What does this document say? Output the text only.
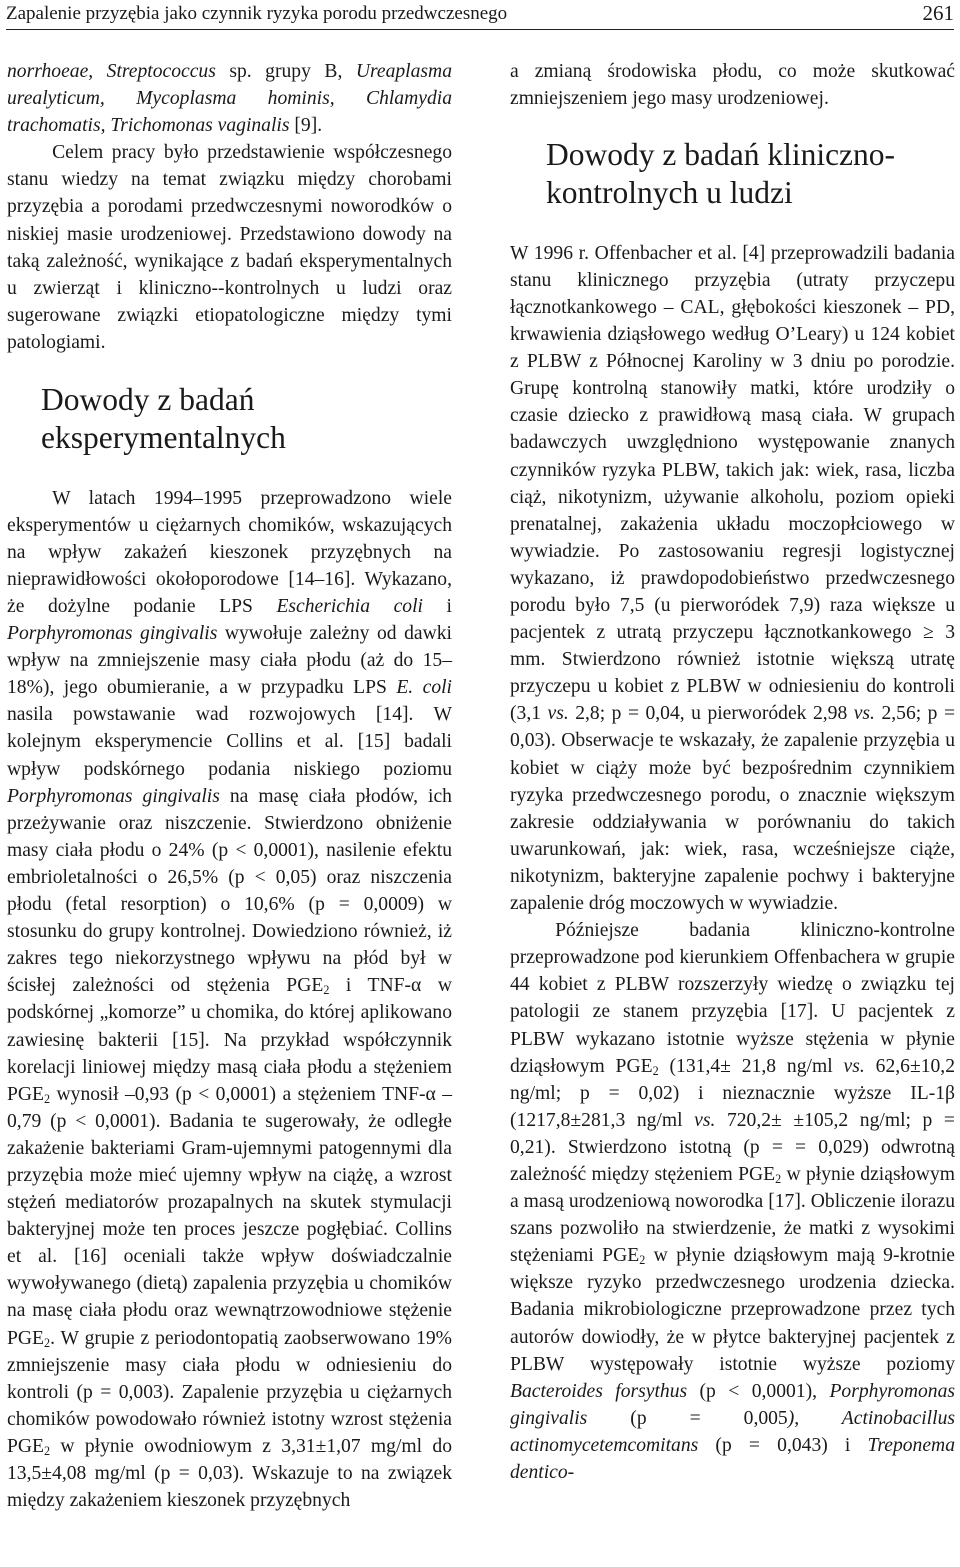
Zapalenie przyzębia jako czynnik ryzyka porodu przedwczesnego	261

norrhoeae, Streptococcus sp. grupy B, Ureaplasma urealyticum, Mycoplasma hominis, Chlamydia trachomatis, Trichomonas vaginalis [9].

Celem pracy było przedstawienie współczesnego stanu wiedzy na temat związku między chorobami przyzębia a porodami przedwczesnymi noworodków o niskiej masie urodzeniowej. Przedstawiono dowody na taką zależność, wynikające z badań eksperymentalnych u zwierząt i kliniczno-‑kontrolnych u ludzi oraz sugerowane związki etiopatologiczne między tymi patologiami.

Dowody z badań eksperymentalnych

W latach 1994–1995 przeprowadzono wiele eksperymentów u ciężarnych chomików, wskazujących na wpływ zakażeń kieszonek przyzębnych na nieprawidłowości okołoporodowe [14–16]. Wykazano, że dożylne podanie LPS Escherichia coli i Porphyromonas gingivalis wywołuje zależny od dawki wpływ na zmniejszenie masy ciała płodu (aż do 15–18%), jego obumieranie, a w przypadku LPS E. coli nasila powstawanie wad rozwojowych [14]. W kolejnym eksperymencie Collins et al. [15] badali wpływ podskórnego podania niskiego poziomu Porphyromonas gingivalis na masę ciała płodów, ich przeżywanie oraz niszczenie. Stwierdzono obniżenie masy ciała płodu o 24% (p < 0,0001), nasilenie efektu embrioletalności o 26,5% (p < 0,05) oraz niszczenia płodu (fetal resorption) o 10,6% (p = 0,0009) w stosunku do grupy kontrolnej. Dowiedziono również, iż zakres tego niekorzystnego wpływu na płód był w ścisłej zależności od stężenia $PGE_2$ i TNF-α w podskórnej „komorze” u chomika, do której aplikowano zawiesinę bakterii [15]. Na przykład współczynnik korelacji liniowej między masą ciała płodu a stężeniem $PGE_2$ wynosił –0,93 (p < 0,0001) a stężeniem TNF-α –0,79 (p < 0,0001). Badania te sugerowały, że odległe zakażenie bakteriami Gram-ujemnymi patogennymi dla przyzębia może mieć ujemny wpływ na ciążę, a wzrost stężeń mediatorów prozapalnych na skutek stymulacji bakteryjnej może ten proces jeszcze pogłębiać. Collins et al. [16] oceniali także wpływ doświadczalnie wywoływanego (dietą) zapalenia przyzębia u chomików na masę ciała płodu oraz wewnątrzowodniowe stężenie $PGE_2$. W grupie z periodontopatią zaobserwowano 19% zmniejszenie masy ciała płodu w odniesieniu do kontroli (p = 0,003). Zapalenie przyzębia u ciężarnych chomików powodowało również istotny wzrost stężenia $PGE_2$ w płynie owodniowym z 3,31±1,07 mg/ml do 13,5±4,08 mg/ml (p = 0,03). Wskazuje to na związek między zakażeniem kieszonek przyzębnych

a zmianą środowiska płodu, co może skutkować zmniejszeniem jego masy urodzeniowej.

Dowody z badań kliniczno-kontrolnych u ludzi

W 1996 r. Offenbacher et al. [4] przeprowadzili badania stanu klinicznego przyzębia (utraty przyczepu łącznotkankowego – CAL, głębokości kieszonek – PD, krwawienia dziąsłowego według O’Leary) u 124 kobiet z PLBW z Północnej Karoliny w 3 dniu po porodzie. Grupę kontrolną stanowiły matki, które urodziły o czasie dziecko z prawidłową masą ciała. W grupach badawczych uwzględniono występowanie znanych czynników ryzyka PLBW, takich jak: wiek, rasa, liczba ciąż, nikotynizm, używanie alkoholu, poziom opieki prenatalnej, zakażenia układu moczopłciowego w wywiadzie. Po zastosowaniu regresji logistycznej wykazano, iż prawdopodobieństwo przedwczesnego porodu było 7,5 (u pierworódek 7,9) raza większe u pacjentek z utratą przyczepu łącznotkankowego ≥ 3 mm. Stwierdzono również istotnie większą utratę przyczepu u kobiet z PLBW w odniesieniu do kontroli (3,1 vs. 2,8; p = 0,04, u pierworódek 2,98 vs. 2,56; p = 0,03). Obserwacje te wskazały, że zapalenie przyzębia u kobiet w ciąży może być bezpośrednim czynnikiem ryzyka przedwczesnego porodu, o znacznie większym zakresie oddziaływania w porównaniu do takich uwarunkowań, jak: wiek, rasa, wcześniejsze ciąże, nikotynizm, bakteryjne zapalenie pochwy i bakteryjne zapalenie dróg moczowych w wywiadzie.

Późniejsze badania kliniczno-kontrolne przeprowadzone pod kierunkiem Offenbachera w grupie 44 kobiet z PLBW rozszerzyły wiedzę o związku tej patologii ze stanem przyzębia [17]. U pacjentek z PLBW wykazano istotnie wyższe stężenia w płynie dziąsłowym $PGE_2$ (131,4± 21,8 ng/ml vs. 62,6±10,2 ng/ml; p = 0,02) i nieznacznie wyższe IL-1β (1217,8±281,3 ng/ml vs. 720,2± ±105,2 ng/ml; p = 0,21). Stwierdzono istotną (p = = 0,029) odwrotną zależność między stężeniem $PGE_2$ w płynie dziąsłowym a masą urodzeniową noworodka [17]. Obliczenie ilorazu szans pozwoliło na stwierdzenie, że matki z wysokimi stężeniami $PGE_2$ w płynie dziąsłowym mają 9-krotnie większe ryzyko przedwczesnego urodzenia dziecka. Badania mikrobiologiczne przeprowadzone przez tych autorów dowiodły, że w płytce bakteryjnej pacjentek z PLBW występowały istotnie wyższe poziomy Bacteroides forsythus (p < 0,0001), Porphyromonas gingivalis (p = 0,005), Actinobacillus actinomycetemcomitans (p = 0,043) i Treponema dentico-
